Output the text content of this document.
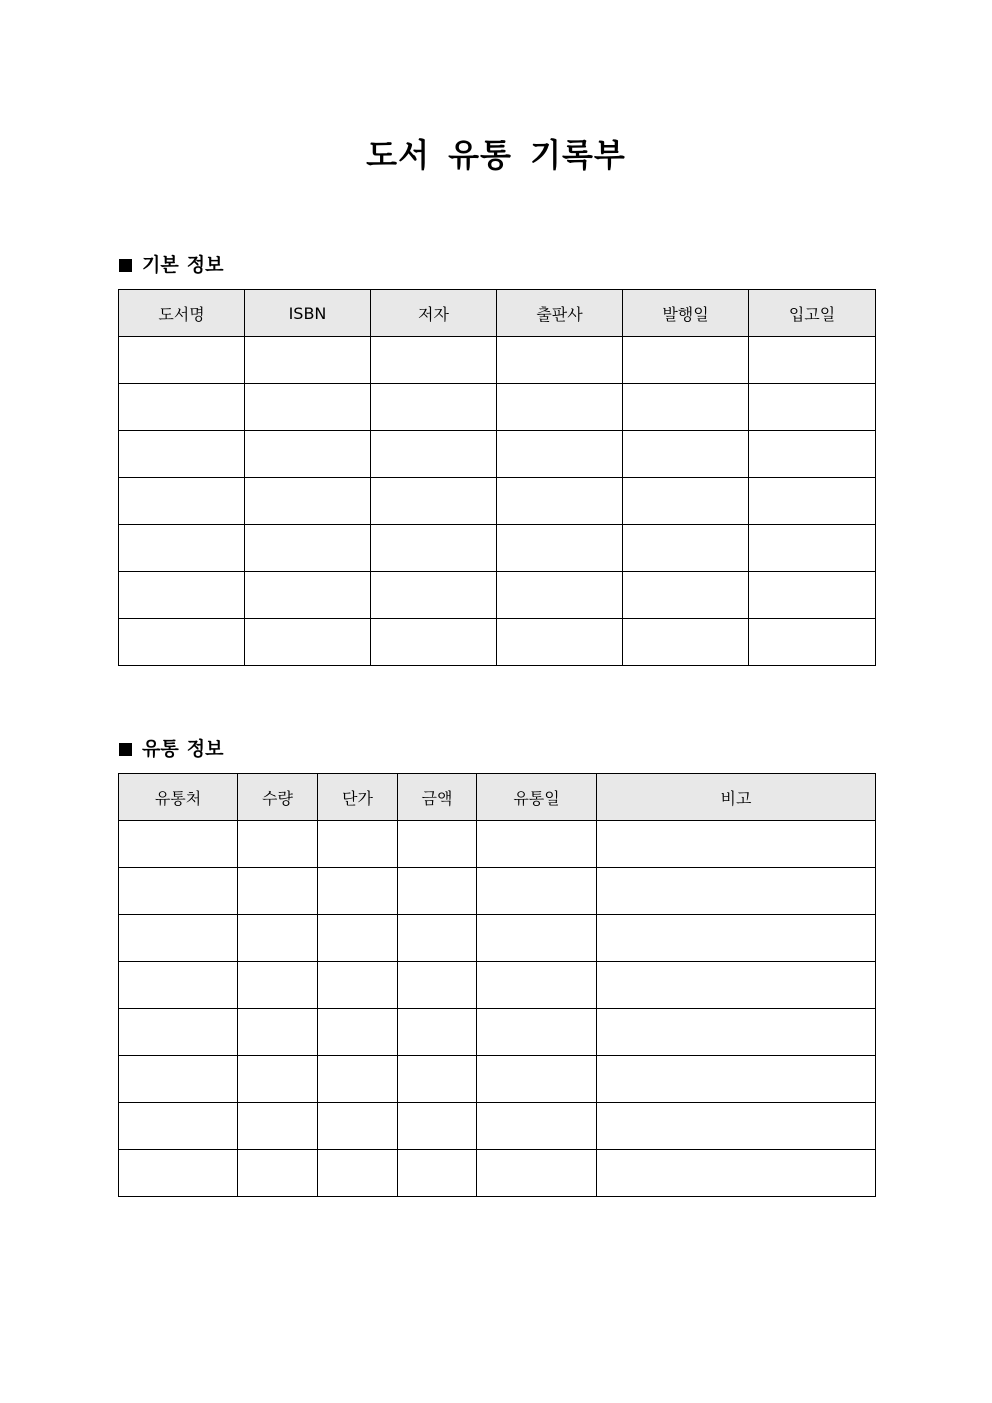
도서 유통 기록부
기본 정보
도서명	ISBN	저자	출판사	발행일	입고일

유통 정보
유통처	수량	단가	금액	유통일	비고
